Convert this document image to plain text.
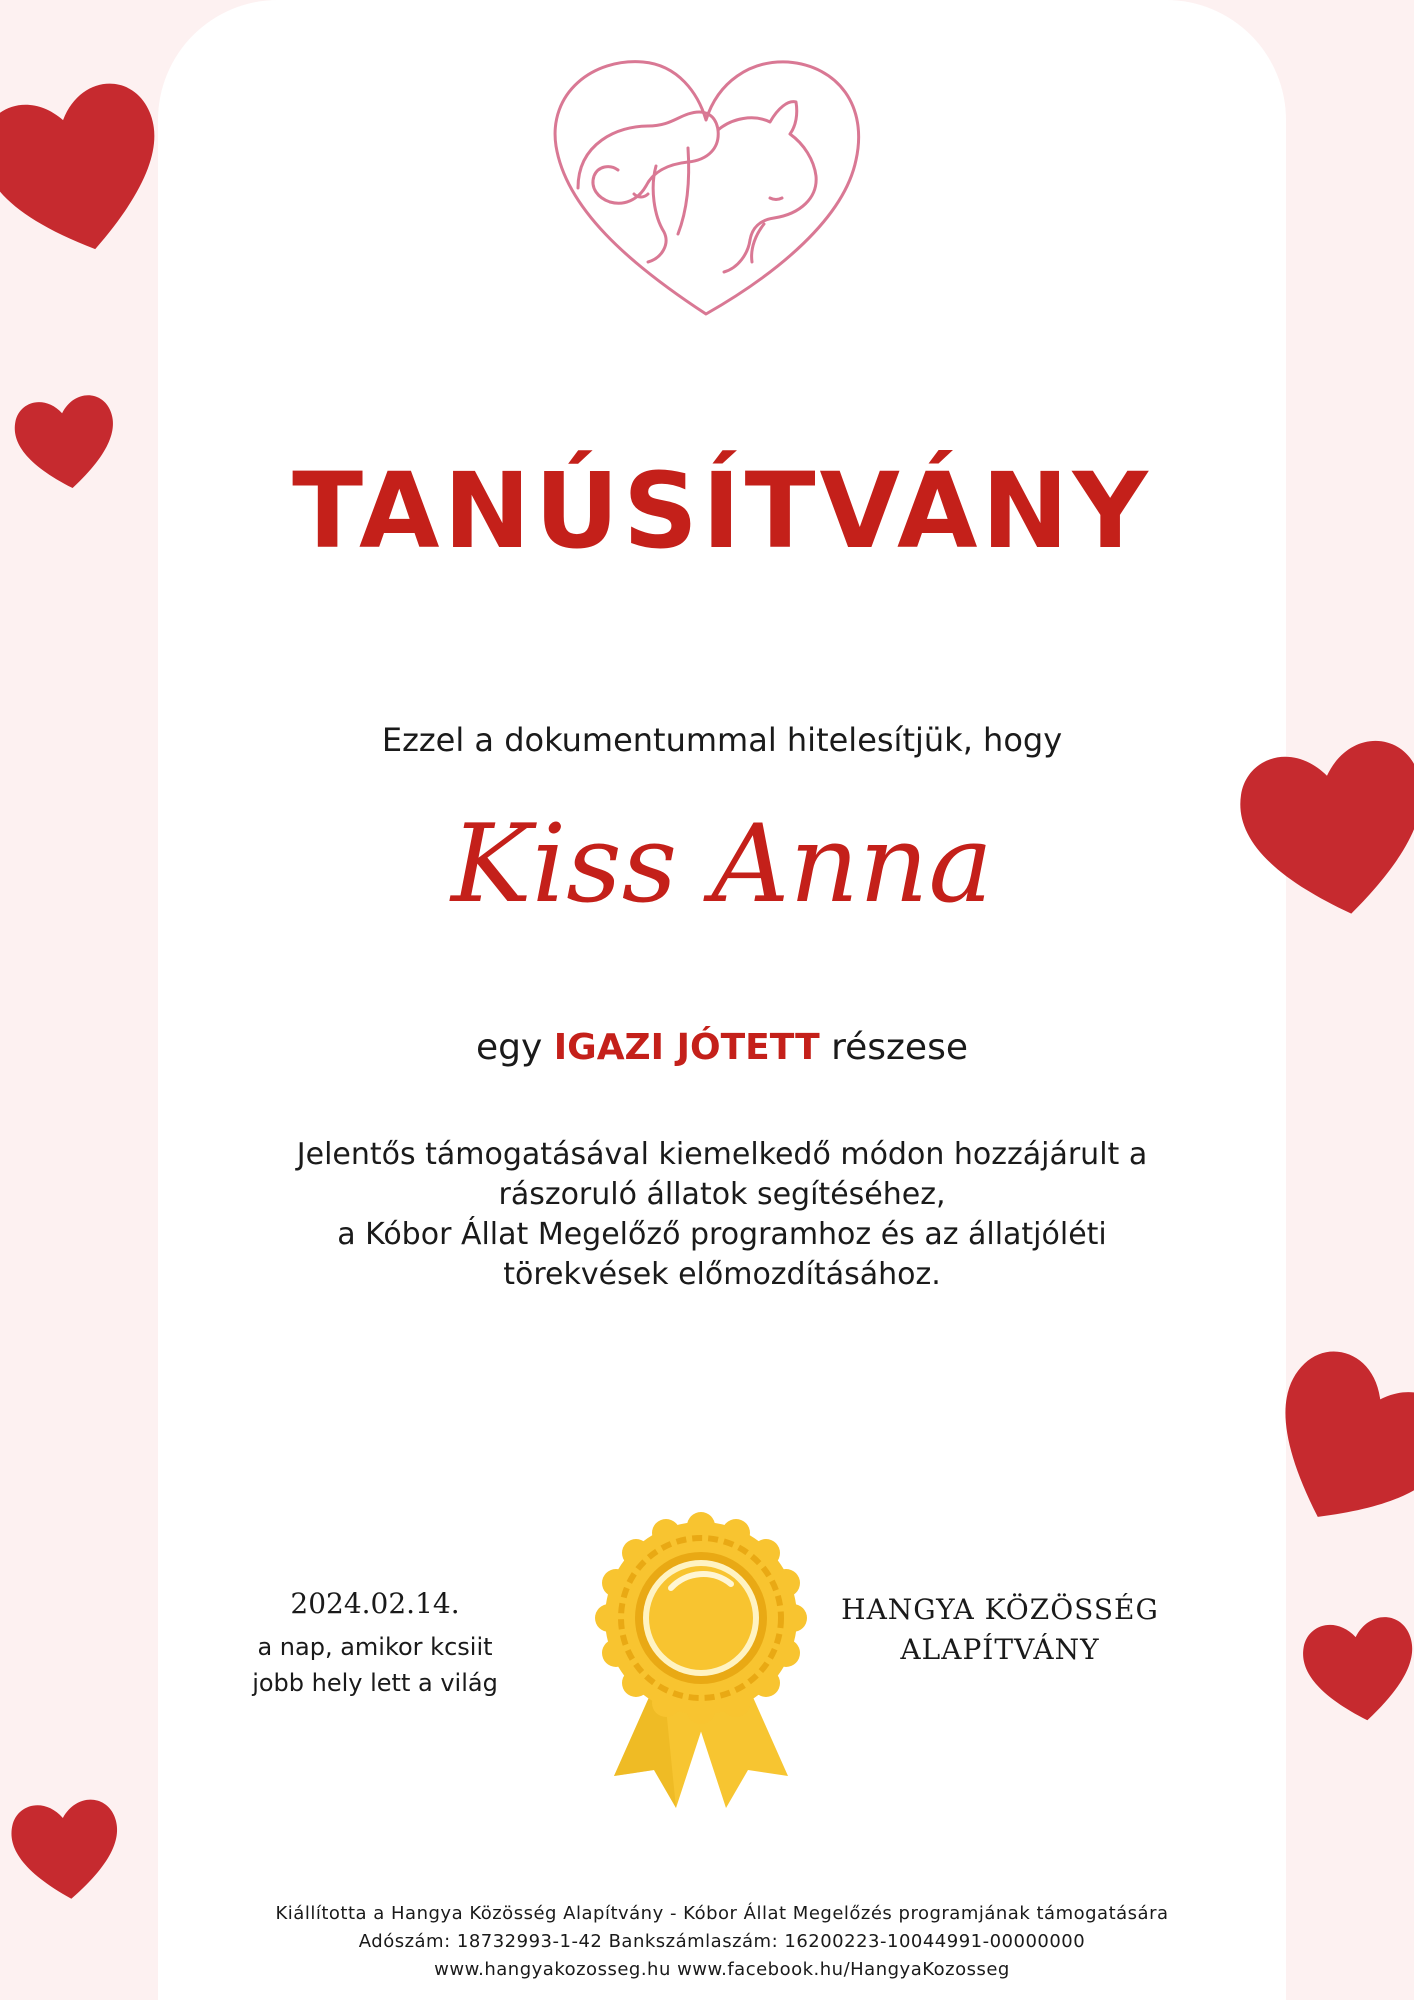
TANÚSÍTVÁNY
Ezzel a dokumentummal hitelesítjük, hogy
Kiss Anna
egy IGAZI JÓTETT részese
Jelentős támogatásával kiemelkedő módon hozzájárult a
rászoruló állatok segítéséhez,
a Kóbor Állat Megelőző programhoz és az állatjóléti
törekvések előmozdításához.
2024.02.14.
a nap, amikor kcsiit
jobb hely lett a világ
HANGYA KÖZÖSSÉG
ALAPÍTVÁNY
Kiállította a Hangya Közösség Alapítvány - Kóbor Állat Megelőzés programjának támogatására
Adószám: 18732993-1-42 Bankszámlaszám: 16200223-10044991-00000000
www.hangyakozosseg.hu www.facebook.hu/HangyaKozosseg
